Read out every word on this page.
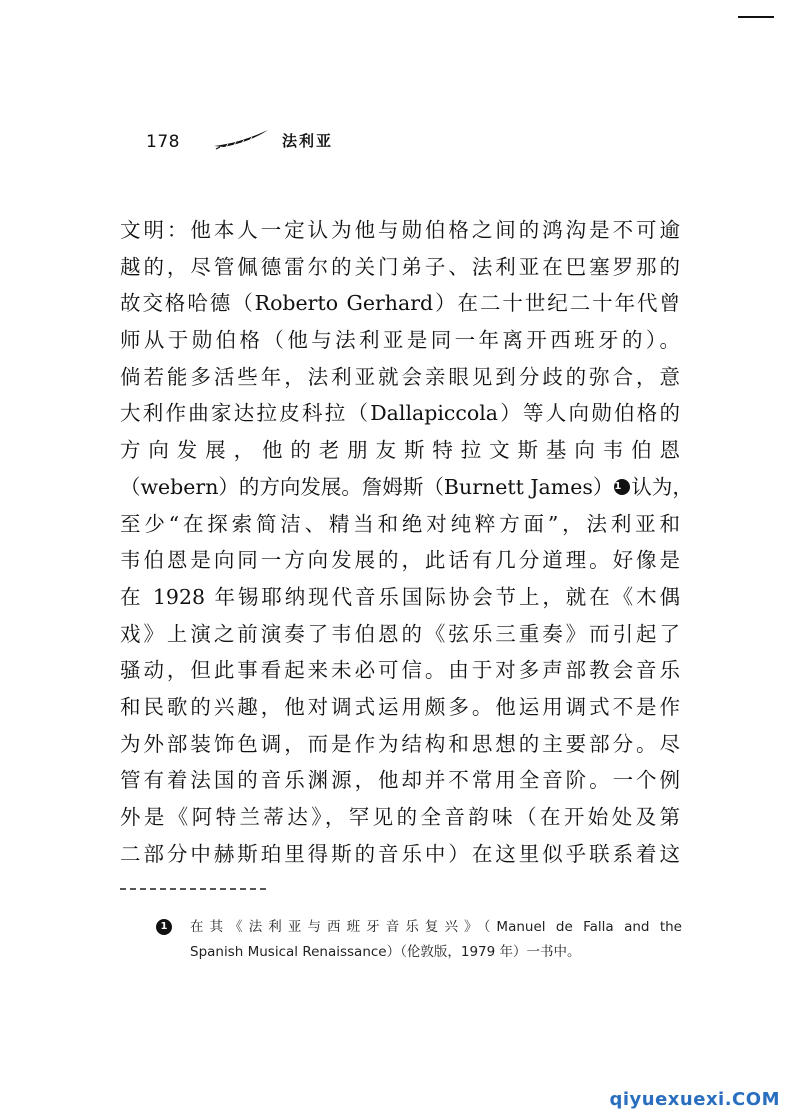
178	法利亚
文明：他本人一定认为他与勋伯格之间的鸿沟是不可逾
越的，尽管佩德雷尔的关门弟子、法利亚在巴塞罗那的
故交格哈德（Roberto Gerhard）在二十世纪二十年代曾
师从于勋伯格（他与法利亚是同一年离开西班牙的）。
倘若能多活些年，法利亚就会亲眼见到分歧的弥合，意
大利作曲家达拉皮科拉（Dallapiccola）等人向勋伯格的
方向发展，他的老朋友斯特拉文斯基向韦伯恩
（webern）的方向发展。詹姆斯（Burnett James）1 认为，
至少“在探索简洁、精当和绝对纯粹方面”，法利亚和
韦伯恩是向同一方向发展的，此话有几分道理。好像是
在 1928 年锡耶纳现代音乐国际协会节上，就在《木偶
戏》上演之前演奏了韦伯恩的《弦乐三重奏》而引起了
骚动，但此事看起来未必可信。由于对多声部教会音乐
和民歌的兴趣，他对调式运用颇多。他运用调式不是作
为外部装饰色调，而是作为结构和思想的主要部分。尽
管有着法国的音乐渊源，他却并不常用全音阶。一个例
外是《阿特兰蒂达》，罕见的全音韵味（在开始处及第
二部分中赫斯珀里得斯的音乐中）在这里似乎联系着这
1	在其《法利亚与西班牙音乐复兴》（Manuel de Falla and the
Spanish Musical Renaissance）（伦敦版，1979 年）一书中。
qiyuexuexi.COM
